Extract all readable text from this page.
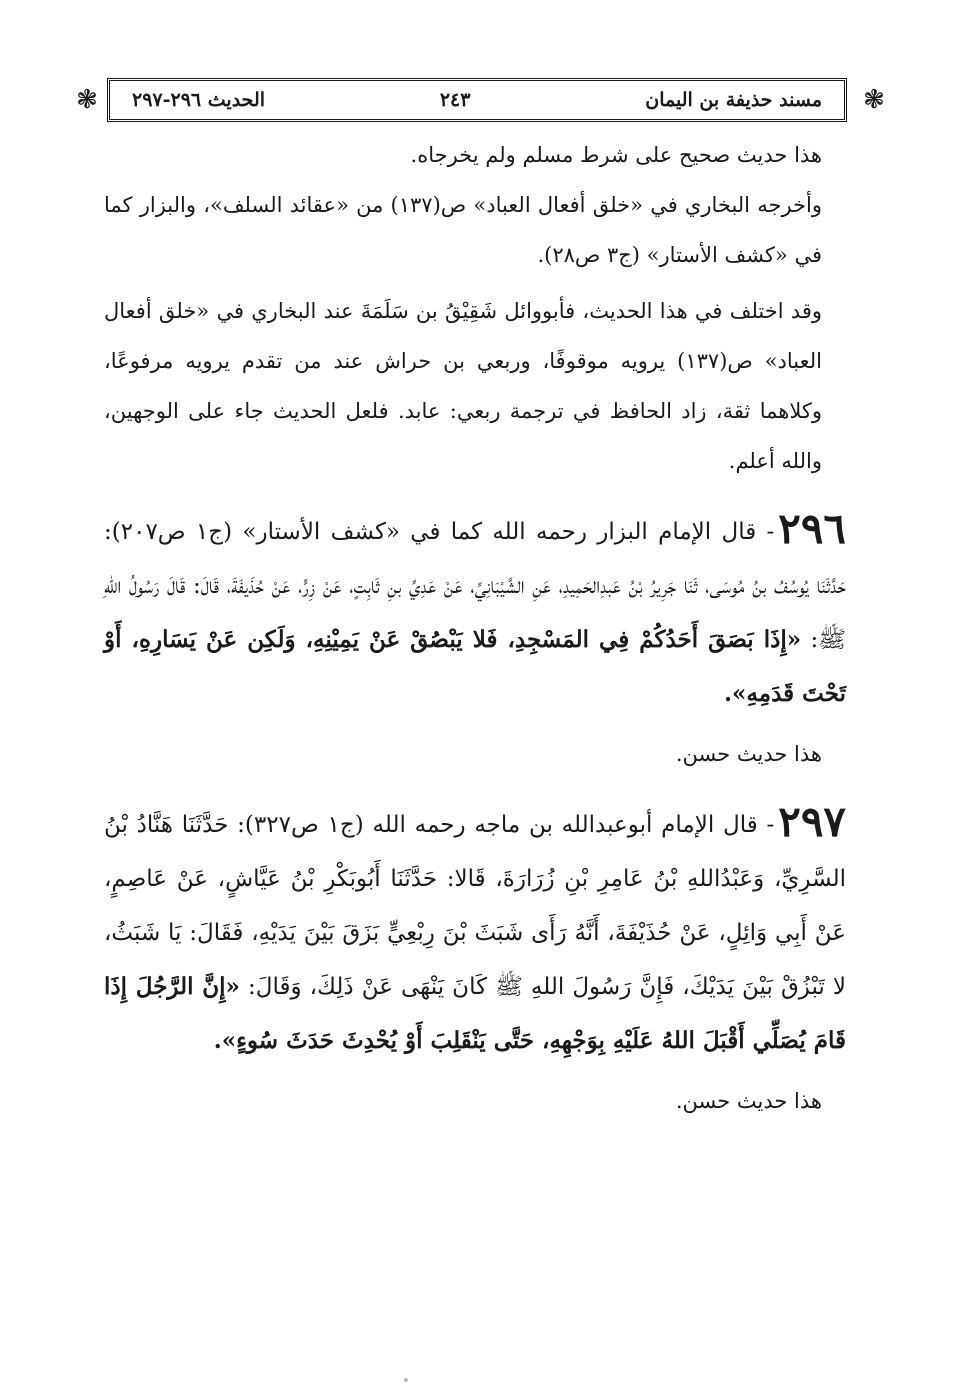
❃
مسند حذيفة بن اليمان
٢٤٣
الحديث ٢٩٦-٢٩٧
❃

هذا حديث صحيح على شرط مسلم ولم يخرجاه.

وأخرجه البخاري في «خلق أفعال العباد» ص(١٣٧) من «عقائد السلف»، والبزار كما في «كشف الأستار» (ج٣ ص٢٨).

وقد اختلف في هذا الحديث، فأبووائل شَقِيْقُ بن سَلَمَةَ عند البخاري في «خلق أفعال العباد» ص(١٣٧) يرويه موقوفًا، وربعي بن حراش عند من تقدم يرويه مرفوعًا، وكلاهما ثقة، زاد الحافظ في ترجمة ربعي: عابد. فلعل الحديث جاء على الوجهين، والله أعلم.

٢٩٦- قال الإمام البزار رحمه الله كما في «كشف الأستار» (ج١ ص٢٠٧): حَدَّثَنَا يُوسُفُ بنُ مُوسَى، ثَنَا جَرِيرُ بْنُ عَبدِالحَمِيدِ، عَنِ الشَّيْبَانِيِّ، عَنْ عَدِيِّ بنِ ثَابِتٍ، عَنْ زِرٍّ، عَنْ حُذَيفَةَ، قَالَ: قَالَ رَسُولُ اللهِ ﷺ: «إِذَا بَصَقَ أَحَدُكُمْ فِي المَسْجِدِ، فَلا يَبْصُقْ عَنْ يَمِيْنِهِ، وَلَكِن عَنْ يَسَارِهِ، أَوْ تَحْتَ قَدَمِهِ».

هذا حديث حسن.

٢٩٧- قال الإمام أبوعبدالله بن ماجه رحمه الله (ج١ ص٣٢٧): حَدَّثَنَا هَنَّادُ بْنُ السَّرِيِّ، وَعَبْدُاللهِ بْنُ عَامِرِ بْنِ زُرَارَةَ، قَالا: حَدَّثَنَا أَبُوبَكْرِ بْنُ عَيَّاشٍ، عَنْ عَاصِمٍ، عَنْ أَبِي وَائِلٍ، عَنْ حُذَيْفَةَ، أَنَّهُ رَأَى شَبَثَ بْنَ رِبْعِيٍّ بَزَقَ بَيْنَ يَدَيْهِ، فَقَالَ: يَا شَبَثُ، لا تَبْزُقْ بَيْنَ يَدَيْكَ، فَإِنَّ رَسُولَ اللهِ ﷺ كَانَ يَنْهَى عَنْ ذَلِكَ، وَقَالَ: «إِنَّ الرَّجُلَ إِذَا قَامَ يُصَلِّي أَقْبَلَ اللهُ عَلَيْهِ بِوَجْهِهِ، حَتَّى يَنْقَلِبَ أَوْ يُحْدِثَ حَدَثَ سُوءٍ».

هذا حديث حسن.
